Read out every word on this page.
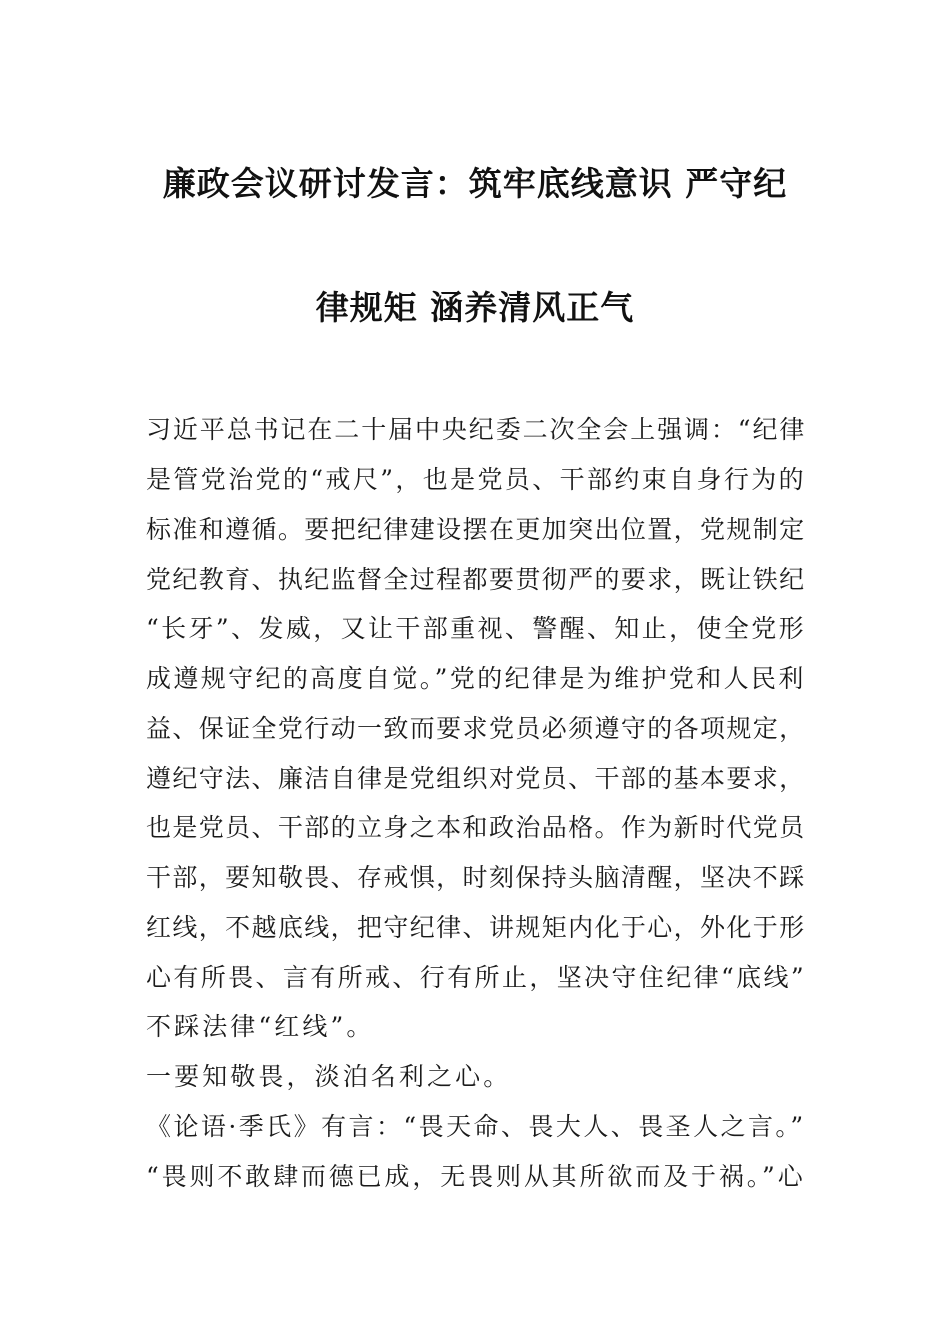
廉政会议研讨发言：筑牢底线意识 严守纪
律规矩 涵养清风正气
习近平总书记在二十届中央纪委二次全会上强调：“纪律
是管党治党的“戒尺”，也是党员、干部约束自身行为的
标准和遵循。要把纪律建设摆在更加突出位置，党规制定
党纪教育、执纪监督全过程都要贯彻严的要求，既让铁纪
“长牙”、发威，又让干部重视、警醒、知止，使全党形
成遵规守纪的高度自觉。”党的纪律是为维护党和人民利
益、保证全党行动一致而要求党员必须遵守的各项规定，
遵纪守法、廉洁自律是党组织对党员、干部的基本要求，
也是党员、干部的立身之本和政治品格。作为新时代党员
干部，要知敬畏、存戒惧，时刻保持头脑清醒，坚决不踩
红线，不越底线，把守纪律、讲规矩内化于心，外化于形
心有所畏、言有所戒、行有所止，坚决守住纪律“底线”
不踩法律“红线”。
一要知敬畏，淡泊名利之心。
《论语·季氏》有言：“畏天命、畏大人、畏圣人之言。”
“畏则不敢肆而德已成，无畏则从其所欲而及于祸。”心
